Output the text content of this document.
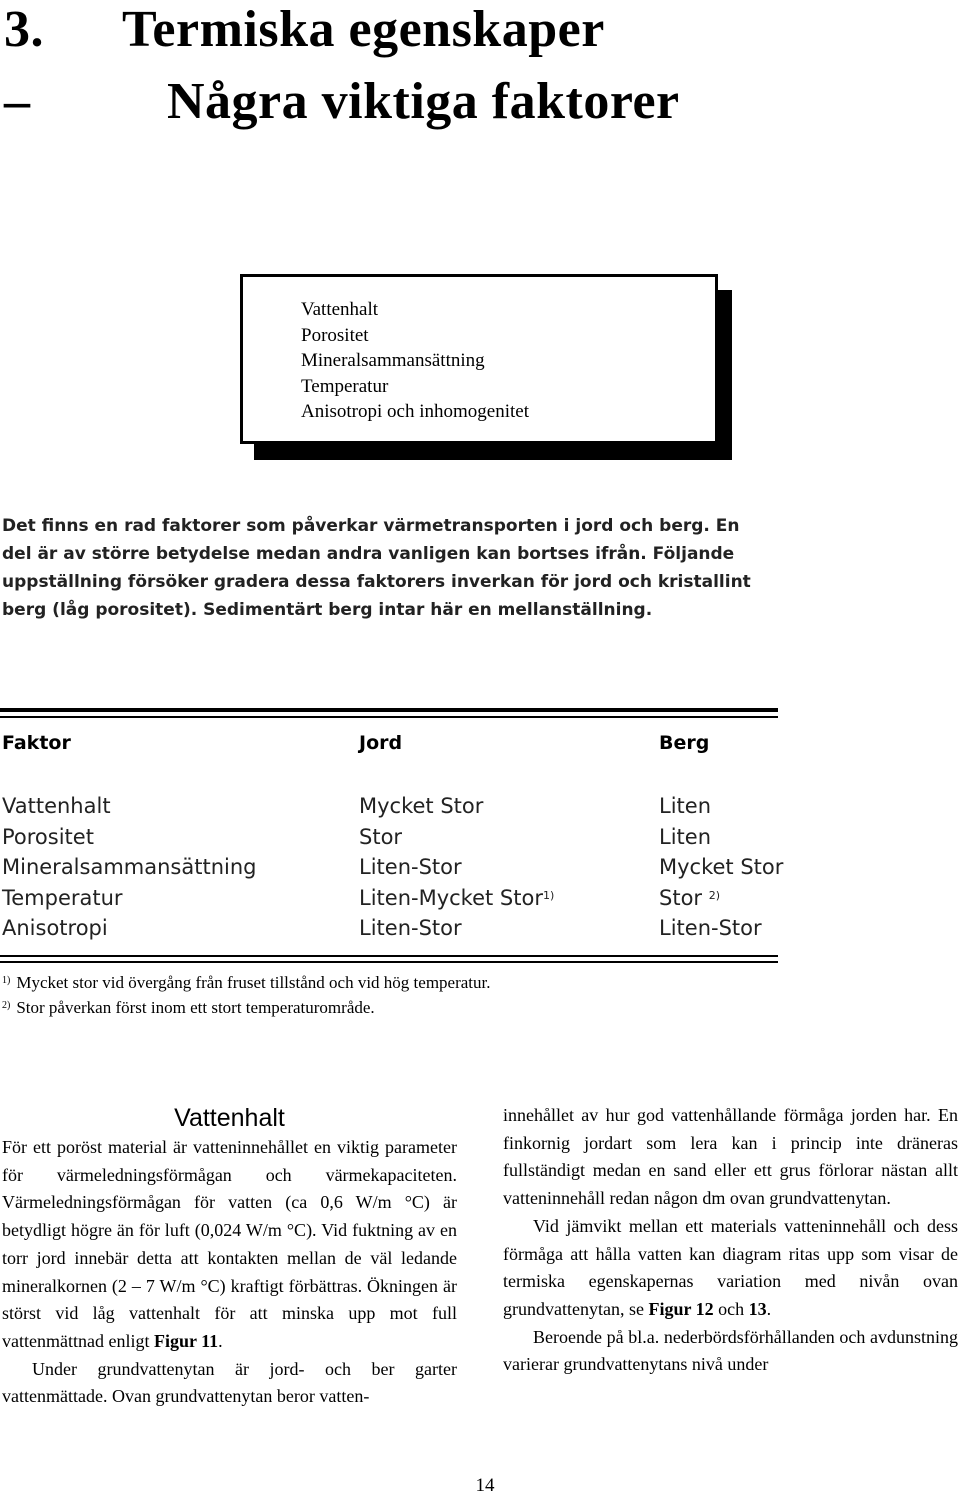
3. Termiska egenskaper
–	Några viktiga faktorer
Vattenhalt
Porositet
Mineralsammansättning
Temperatur
Anisotropi och inhomogenitet

Det finns en rad faktorer som påverkar värmetransporten i jord och berg. En del är av större betydelse medan andra vanligen kan bortses ifrån. Följande uppställning försöker gradera dessa faktorers inverkan för jord och kristallint berg (låg porositet). Sedimentärt berg intar här en mellanställning.

Faktor	Jord	Berg
Vattenhalt	Mycket Stor	Liten
Porositet	Stor	Liten
Mineralsammansättning	Liten-Stor	Mycket Stor
Temperatur	Liten-Mycket Stor$^{1)}$	Stor $^{2)}$
Anisotropi	Liten-Stor	Liten-Stor
$^{1)}$ Mycket stor vid övergång från fruset tillstånd och vid hög temperatur.
$^{2)}$ Stor påverkan först inom ett stort temperaturområde.
Vattenhalt

För ett poröst material är vatteninnehållet en viktig parameter för värmeledningsförmågan och värmekapaciteten. Värmeledningsförmågan för vatten (ca 0,6 W/m °C) är betydligt högre än för luft (0,024 W/m °C). Vid fuktning av en torr jord innebär detta att kontakten mellan de väl ledande mineralkornen (2 – 7 W/m °C) kraftigt förbättras. Ökningen är störst vid låg vattenhalt för att minska upp mot full vattenmättnad enligt Figur 11.

Under grundvattenytan är jord- och ber garter vattenmättade. Ovan grundvattenytan beror vatten-

innehållet av hur god vattenhållande förmåga jorden har. En finkornig jordart som lera kan i princip inte dräneras fullständigt medan en sand eller ett grus förlorar nästan allt vatteninnehåll redan någon dm ovan grundvattenytan.

Vid jämvikt mellan ett materials vatteninnehåll och dess förmåga att hålla vatten kan diagram ritas upp som visar de termiska egenskapernas variation med nivån ovan grundvattenytan, se Figur 12 och 13.

Beroende på bl.a. nederbördsförhållanden och avdunstning varierar grundvattenytans nivå under

14
